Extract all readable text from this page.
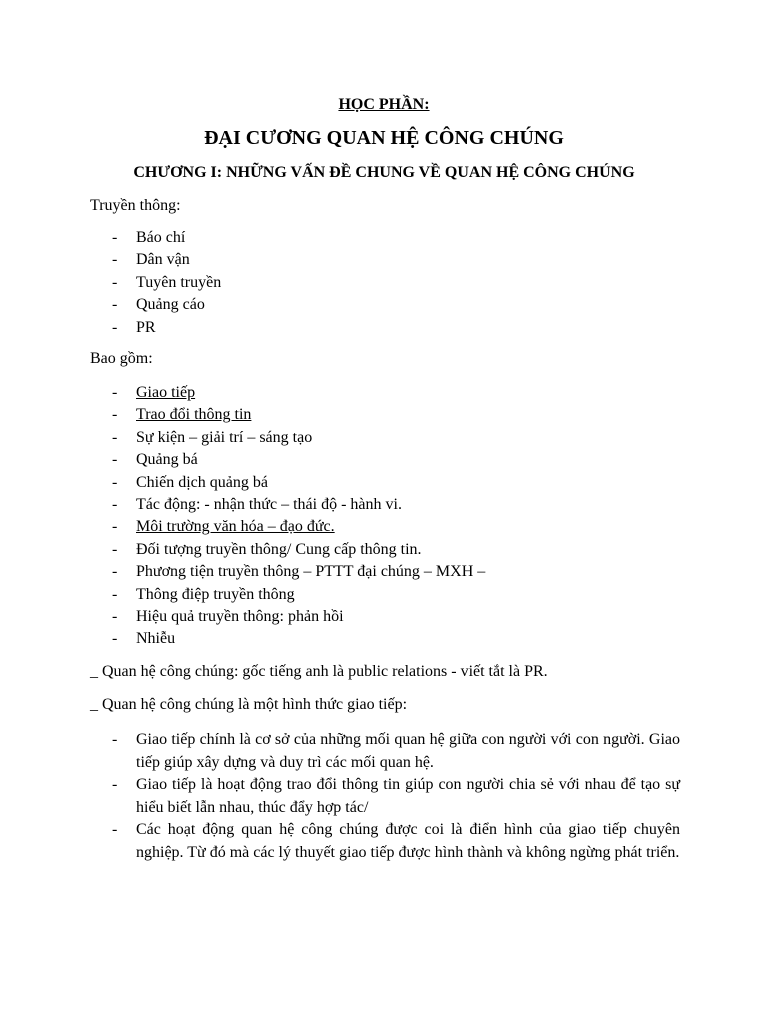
HỌC PHẦN:

ĐẠI CƯƠNG QUAN HỆ CÔNG CHÚNG

CHƯƠNG I: NHỮNG VẤN ĐỀ CHUNG VỀ QUAN HỆ CÔNG CHÚNG

Truyền thông:

- Báo chí
- Dân vận
- Tuyên truyền
- Quảng cáo
- PR

Bao gồm:

- Giao tiếp
- Trao đổi thông tin
- Sự kiện – giải trí – sáng tạo
- Quảng bá
- Chiến dịch quảng bá
- Tác động: - nhận thức – thái độ - hành vi.
- Môi trường văn hóa – đạo đức.
- Đối tượng truyền thông/ Cung cấp thông tin.
- Phương tiện truyền thông – PTTT đại chúng – MXH –
- Thông điệp truyền thông
- Hiệu quả truyền thông: phản hồi
- Nhiễu

_ Quan hệ công chúng: gốc tiếng anh là public relations - viết tắt là PR.

_ Quan hệ công chúng là một hình thức giao tiếp:

- Giao tiếp chính là cơ sở của những mối quan hệ giữa con người với con người. Giao tiếp giúp xây dựng và duy trì các mối quan hệ.
- Giao tiếp là hoạt động trao đổi thông tin giúp con người chia sẻ với nhau để tạo sự hiểu biết lẫn nhau, thúc đẩy hợp tác/
- Các hoạt động quan hệ công chúng được coi là điển hình của giao tiếp chuyên nghiệp. Từ đó mà các lý thuyết giao tiếp được hình thành và không ngừng phát triển.
